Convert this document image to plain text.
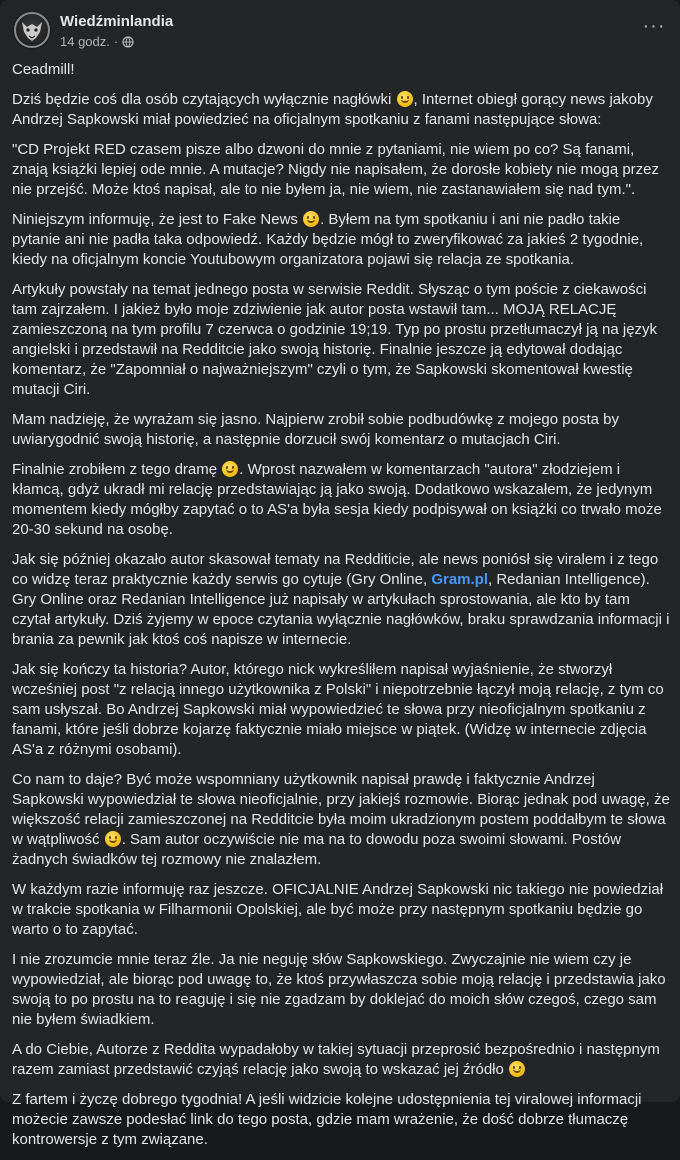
Wiedźminlandia
14 godz. ·
···

Ceadmill!

Dziś będzie coś dla osób czytających wyłącznie nagłówki , Internet obiegł gorący news jakoby Andrzej Sapkowski miał powiedzieć na oficjalnym spotkaniu z fanami następujące słowa:

"CD Projekt RED czasem pisze albo dzwoni do mnie z pytaniami, nie wiem po co? Są fanami, znają książki lepiej ode mnie. A mutacje? Nigdy nie napisałem, że dorosłe kobiety nie mogą przez nie przejść. Może ktoś napisał, ale to nie byłem ja, nie wiem, nie zastanawiałem się nad tym.".

Niniejszym informuję, że jest to Fake News . Byłem na tym spotkaniu i ani nie padło takie pytanie ani nie padła taka odpowiedź. Każdy będzie mógł to zweryfikować za jakieś 2 tygodnie, kiedy na oficjalnym koncie Youtubowym organizatora pojawi się relacja ze spotkania.

Artykuły powstały na temat jednego posta w serwisie Reddit. Słysząc o tym poście z ciekawości tam zajrzałem. I jakież było moje zdziwienie jak autor posta wstawił tam... MOJĄ RELACJĘ zamieszczoną na tym profilu 7 czerwca o godzinie 19;19. Typ po prostu przetłumaczył ją na język angielski i przedstawił na Redditcie jako swoją historię. Finalnie jeszcze ją edytował dodając komentarz, że "Zapomniał o najważniejszym" czyli o tym, że Sapkowski skomentował kwestię mutacji Ciri.

Mam nadzieję, że wyrażam się jasno. Najpierw zrobił sobie podbudówkę z mojego posta by uwiarygodnić swoją historię, a następnie dorzucił swój komentarz o mutacjach Ciri.

Finalnie zrobiłem z tego dramę . Wprost nazwałem w komentarzach "autora" złodziejem i kłamcą, gdyż ukradł mi relację przedstawiając ją jako swoją. Dodatkowo wskazałem, że jedynym momentem kiedy mógłby zapytać o to AS'a była sesja kiedy podpisywał on książki co trwało może 20-30 sekund na osobę.

Jak się później okazało autor skasował tematy na Redditicie, ale news poniósł się viralem i z tego co widzę teraz praktycznie każdy serwis go cytuje (Gry Online, Gram.pl, Redanian Intelligence). Gry Online oraz Redanian Intelligence już napisały w artykułach sprostowania, ale kto by tam czytał artykuły. Dziś żyjemy w epoce czytania wyłącznie nagłówków, braku sprawdzania informacji i brania za pewnik jak ktoś coś napisze w internecie.

Jak się kończy ta historia? Autor, którego nick wykreśliłem napisał wyjaśnienie, że stworzył wcześniej post "z relacją innego użytkownika z Polski" i niepotrzebnie łączył moją relację, z tym co sam usłyszał. Bo Andrzej Sapkowski miał wypowiedzieć te słowa przy nieoficjalnym spotkaniu z fanami, które jeśli dobrze kojarzę faktycznie miało miejsce w piątek. (Widzę w internecie zdjęcia AS'a z różnymi osobami).

Co nam to daje? Być może wspomniany użytkownik napisał prawdę i faktycznie Andrzej Sapkowski wypowiedział te słowa nieoficjalnie, przy jakiejś rozmowie. Biorąc jednak pod uwagę, że większość relacji zamieszczonej na Redditcie była moim ukradzionym postem poddałbym te słowa w wątpliwość . Sam autor oczywiście nie ma na to dowodu poza swoimi słowami. Postów żadnych świadków tej rozmowy nie znalazłem.

W każdym razie informuję raz jeszcze. OFICJALNIE Andrzej Sapkowski nic takiego nie powiedział w trakcie spotkania w Filharmonii Opolskiej, ale być może przy następnym spotkaniu będzie go warto o to zapytać.

I nie zrozumcie mnie teraz źle. Ja nie neguję słów Sapkowskiego. Zwyczajnie nie wiem czy je wypowiedział, ale biorąc pod uwagę to, że ktoś przywłaszcza sobie moją relację i przedstawia jako swoją to po prostu na to reaguję i się nie zgadzam by doklejać do moich słów czegoś, czego sam nie byłem świadkiem.

A do Ciebie, Autorze z Reddita wypadałoby w takiej sytuacji przeprosić bezpośrednio i następnym razem zamiast przedstawić czyjąś relację jako swoją to wskazać jej źródło

Z fartem i życzę dobrego tygodnia! A jeśli widzicie kolejne udostępnienia tej viralowej informacji możecie zawsze podesłać link do tego posta, gdzie mam wrażenie, że dość dobrze tłumaczę kontrowersje z tym związane.
